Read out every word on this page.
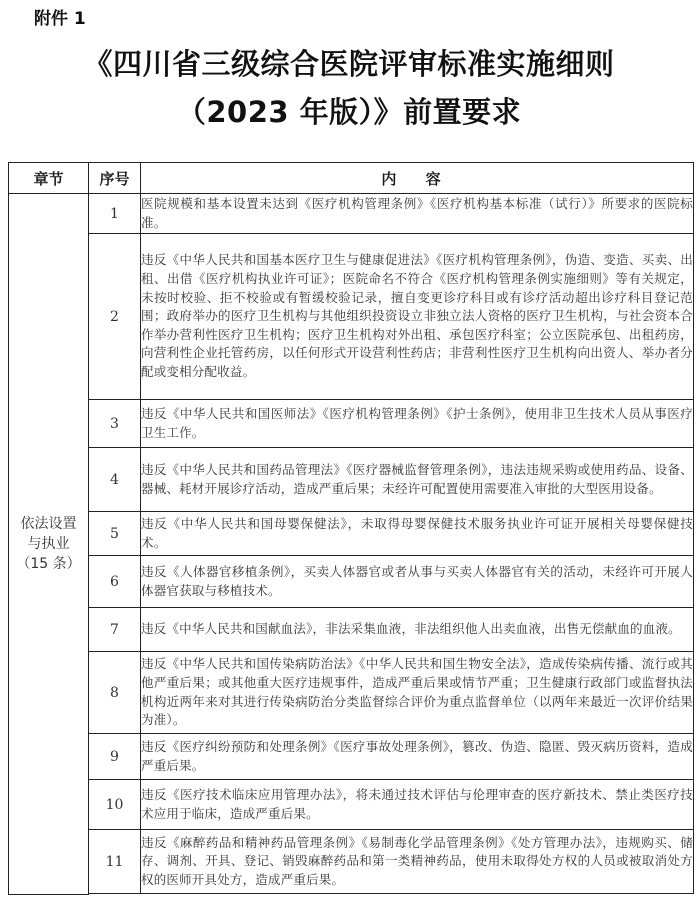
附件 1
《四川省三级综合医院评审标准实施细则
（2023 年版）》前置要求
章节	序号	内 容

依法设置
与执业
（15 条）	1	医院规模和基本设置未达到《医疗机构管理条例》《医疗机构基本标准（试行）》所要求的医院标准。
	2	违反《中华人民共和国基本医疗卫生与健康促进法》《医疗机构管理条例》，伪造、变造、买卖、出租、出借《医疗机构执业许可证》；医院命名不符合《医疗机构管理条例实施细则》等有关规定，未按时校验、拒不校验或有暂缓校验记录，擅自变更诊疗科目或有诊疗活动超出诊疗科目登记范围；政府举办的医疗卫生机构与其他组织投资设立非独立法人资格的医疗卫生机构，与社会资本合作举办营利性医疗卫生机构；医疗卫生机构对外出租、承包医疗科室；公立医院承包、出租药房，向营利性企业托管药房，以任何形式开设营利性药店；非营利性医疗卫生机构向出资人、举办者分配或变相分配收益。
	3	违反《中华人民共和国医师法》《医疗机构管理条例》《护士条例》，使用非卫生技术人员从事医疗卫生工作。
	4	违反《中华人民共和国药品管理法》《医疗器械监督管理条例》，违法违规采购或使用药品、设备、器械、耗材开展诊疗活动，造成严重后果；未经许可配置使用需要准入审批的大型医用设备。
	5	违反《中华人民共和国母婴保健法》，未取得母婴保健技术服务执业许可证开展相关母婴保健技术。
	6	违反《人体器官移植条例》，买卖人体器官或者从事与买卖人体器官有关的活动，未经许可开展人体器官获取与移植技术。
	7	违反《中华人民共和国献血法》，非法采集血液，非法组织他人出卖血液，出售无偿献血的血液。
	8	违反《中华人民共和国传染病防治法》《中华人民共和国生物安全法》，造成传染病传播、流行或其他严重后果；或其他重大医疗违规事件，造成严重后果或情节严重；卫生健康行政部门或监督执法机构近两年来对其进行传染病防治分类监督综合评价为重点监督单位（以两年来最近一次评价结果为准）。
	9	违反《医疗纠纷预防和处理条例》《医疗事故处理条例》，篡改、伪造、隐匿、毁灭病历资料，造成严重后果。
	10	违反《医疗技术临床应用管理办法》，将未通过技术评估与伦理审查的医疗新技术、禁止类医疗技术应用于临床，造成严重后果。
	11	违反《麻醉药品和精神药品管理条例》《易制毒化学品管理条例》《处方管理办法》，违规购买、储存、调剂、开具、登记、销毁麻醉药品和第一类精神药品，使用未取得处方权的人员或被取消处方权的医师开具处方，造成严重后果。
